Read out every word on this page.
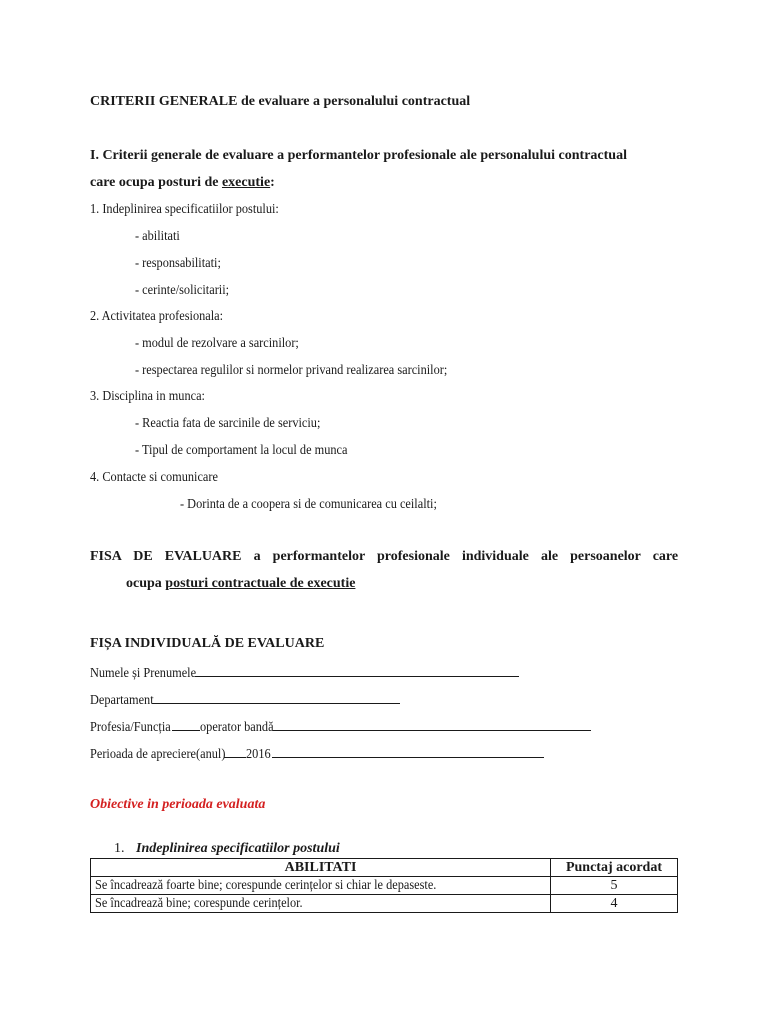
CRITERII GENERALE de evaluare a personalului contractual
I. Criterii generale de evaluare a performantelor profesionale ale personalului contractual
care ocupa posturi de executie:
1. Indeplinirea specificatiilor postului:
- abilitati
- responsabilitati;
- cerinte/solicitarii;
2. Activitatea profesionala:
- modul de rezolvare a sarcinilor;
- respectarea regulilor si normelor privand realizarea sarcinilor;
3. Disciplina in munca:
- Reactia fata de sarcinile de serviciu;
- Tipul de comportament la locul de munca
4. Contacte si comunicare
- Dorinta de a coopera si de comunicarea cu ceilalti;
FISA DE EVALUARE a performantelor profesionale individuale ale persoanelor care
ocupa posturi contractuale de executie
FIȘA INDIVIDUALĂ DE EVALUARE
Numele și Prenumele
Departament
Profesia/Funcțiaoperator bandă
Perioada de apreciere(anul)2016
Obiective in perioada evaluata
1. Indeplinirea specificatiilor postului
ABILITATI	Punctaj acordat
Se încadrează foarte bine; corespunde cerințelor si chiar le depaseste.	5
Se încadrează bine; corespunde cerințelor.	4
